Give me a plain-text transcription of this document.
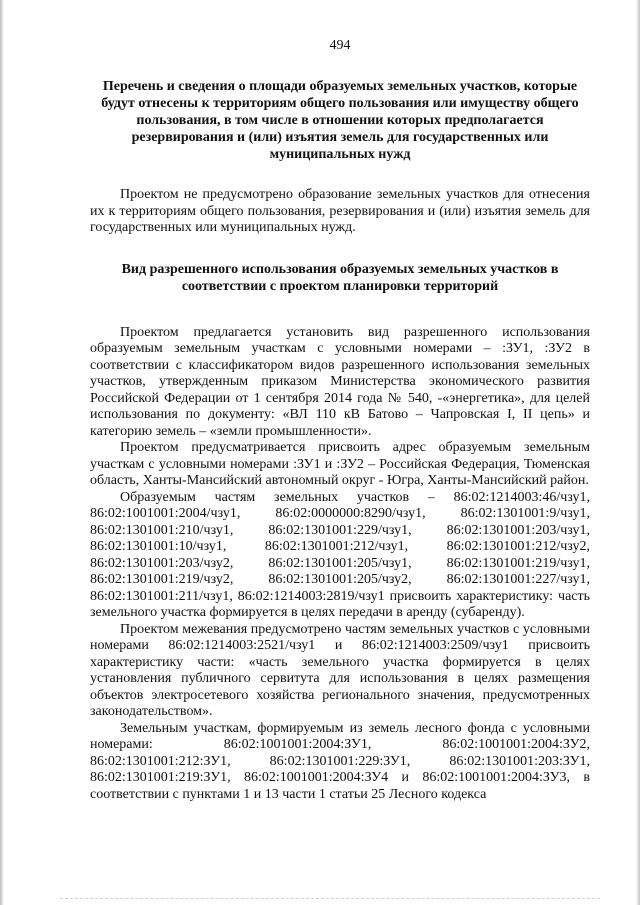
494

Перечень и сведения о площади образуемых земельных участков, которые будут отнесены к территориям общего пользования или имуществу общего пользования, в том числе в отношении которых предполагается резервирования и (или) изъятия земель для государственных или муниципальных нужд

Проектом не предусмотрено образование земельных участков для отнесения их к территориям общего пользования, резервирования и (или) изъятия земель для государственных или муниципальных нужд.

Вид разрешенного использования образуемых земельных участков в соответствии с проектом планировки территорий

Проектом предлагается установить вид разрешенного использования образуемым земельным участкам с условными номерами – :ЗУ1, :ЗУ2 в соответствии с классификатором видов разрешенного использования земельных участков, утвержденным приказом Министерства экономического развития Российской Федерации от 1 сентября 2014 года № 540, -«энергетика», для целей использования по документу: «ВЛ 110 кВ Батово – Чапровская I, II цепь» и категорию земель – «земли промышленности».

Проектом предусматривается присвоить адрес образуемым земельным участкам с условными номерами :ЗУ1 и :ЗУ2 – Российская Федерация, Тюменская область, Ханты-Мансийский автономный округ - Югра, Ханты-Мансийский район.

Образуемым частям земельных участков – 86:02:1214003:46/чзу1, 86:02:1001001:2004/чзу1, 86:02:0000000:8290/чзу1, 86:02:1301001:9/чзу1, 86:02:1301001:210/чзу1, 86:02:1301001:229/чзу1, 86:02:1301001:203/чзу1, 86:02:1301001:10/чзу1, 86:02:1301001:212/чзу1, 86:02:1301001:212/чзу2, 86:02:1301001:203/чзу2, 86:02:1301001:205/чзу1, 86:02:1301001:219/чзу1, 86:02:1301001:219/чзу2, 86:02:1301001:205/чзу2, 86:02:1301001:227/чзу1, 86:02:1301001:211/чзу1, 86:02:1214003:2819/чзу1 присвоить характеристику: часть земельного участка формируется в целях передачи в аренду (субаренду).

Проектом межевания предусмотрено частям земельных участков с условными номерами 86:02:1214003:2521/чзу1 и 86:02:1214003:2509/чзу1 присвоить характеристику части: «часть земельного участка формируется в целях установления публичного сервитута для использования в целях размещения объектов электросетевого хозяйства регионального значения, предусмотренных законодательством».

Земельным участкам, формируемым из земель лесного фонда с условными номерами: 86:02:1001001:2004:ЗУ1, 86:02:1001001:2004:ЗУ2, 86:02:1301001:212:ЗУ1, 86:02:1301001:229:ЗУ1, 86:02:1301001:203:ЗУ1, 86:02:1301001:219:ЗУ1, 86:02:1001001:2004:ЗУ4 и 86:02:1001001:2004:ЗУ3, в соответствии с пунктами 1 и 13 части 1 статьи 25 Лесного кодекса
